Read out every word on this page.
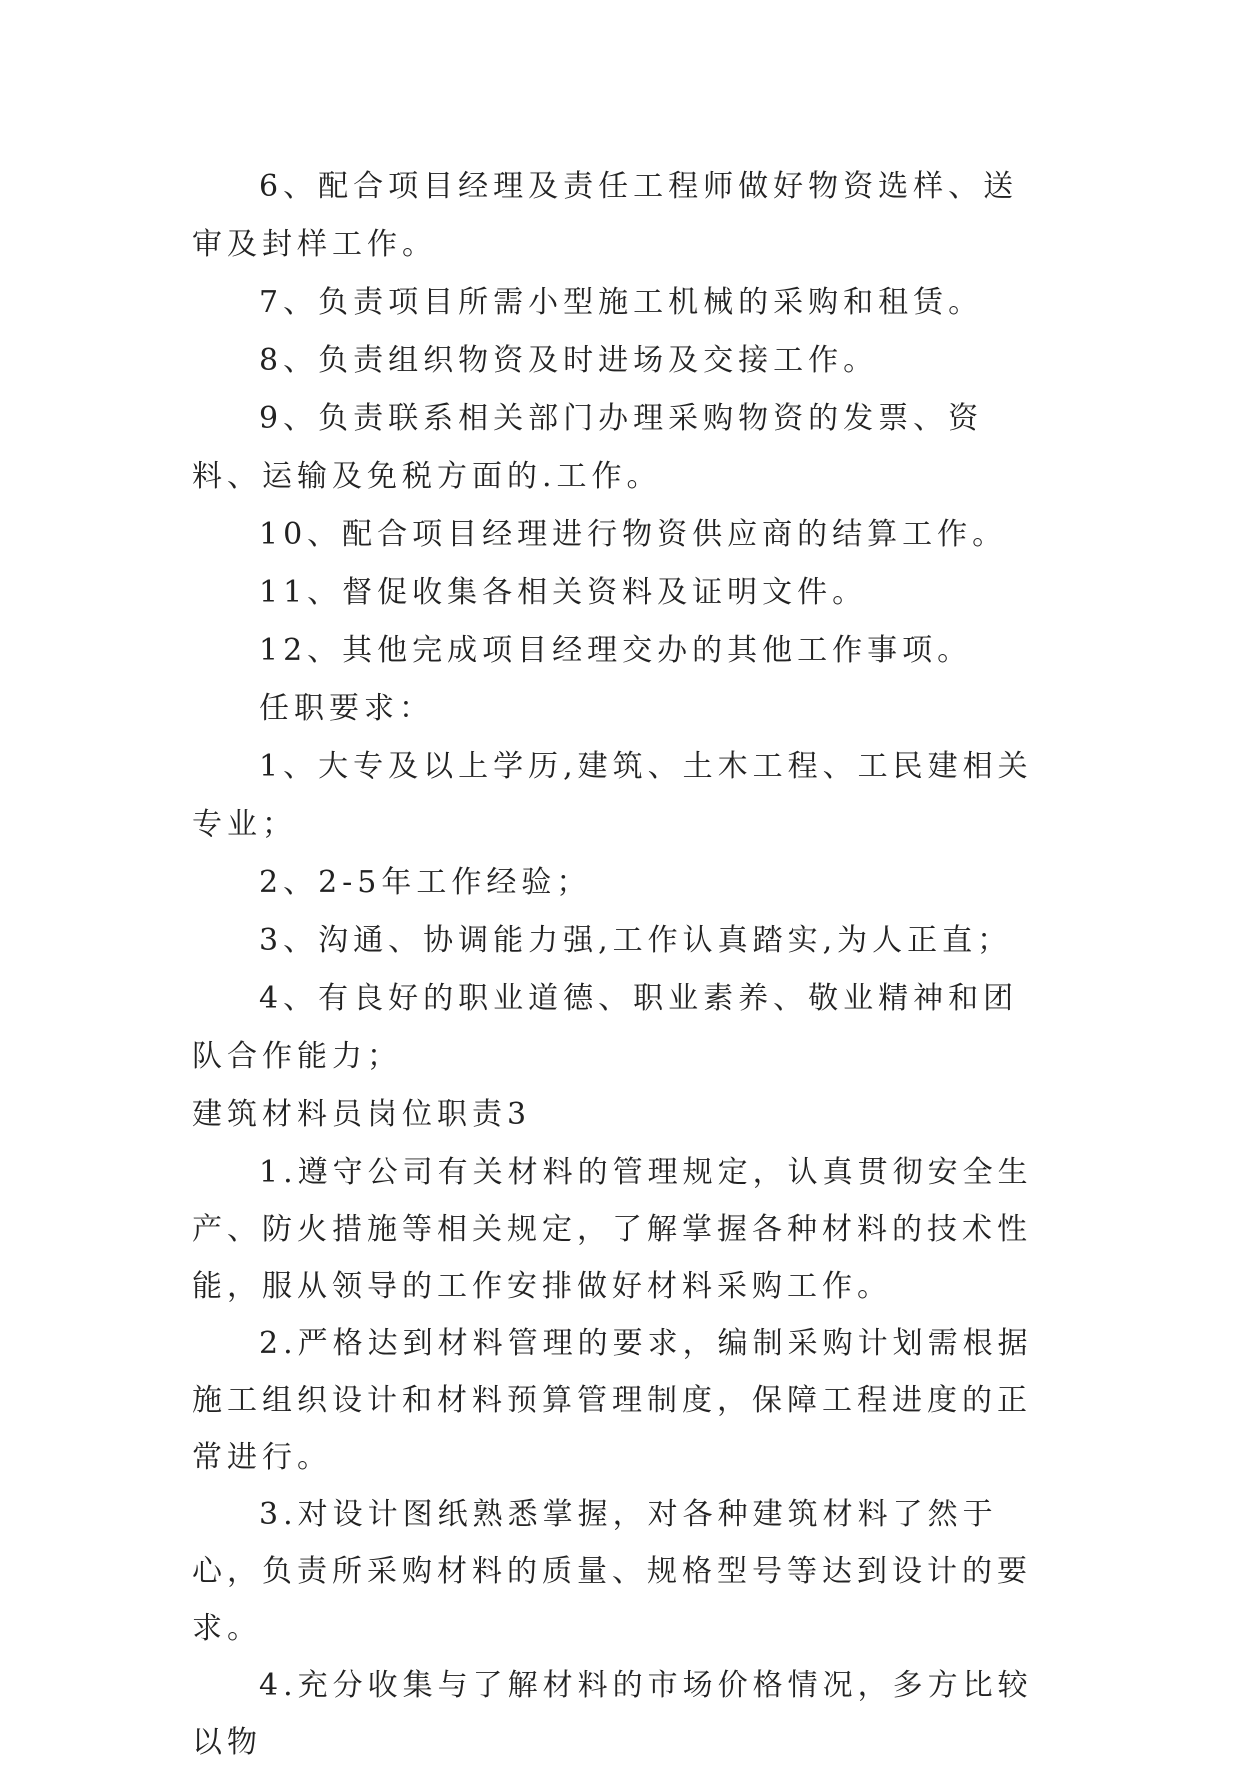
6、配合项目经理及责任工程师做好物资选样、送审及封样工作。

7、负责项目所需小型施工机械的采购和租赁。

8、负责组织物资及时进场及交接工作。

9、负责联系相关部门办理采购物资的发票、资料、运输及免税方面的.工作。

10、配合项目经理进行物资供应商的结算工作。

11、督促收集各相关资料及证明文件。

12、其他完成项目经理交办的其他工作事项。

任职要求：

1、大专及以上学历,建筑、土木工程、工民建相关专业；

2、2-5年工作经验；

3、沟通、协调能力强,工作认真踏实,为人正直；

4、有良好的职业道德、职业素养、敬业精神和团队合作能力；

建筑材料员岗位职责3

1.遵守公司有关材料的管理规定，认真贯彻安全生产、防火措施等相关规定，了解掌握各种材料的技术性能，服从领导的工作安排做好材料采购工作。

2.严格达到材料管理的要求，编制采购计划需根据施工组织设计和材料预算管理制度，保障工程进度的正常进行。

3.对设计图纸熟悉掌握，对各种建筑材料了然于心，负责所采购材料的质量、规格型号等达到设计的要求。

4.充分收集与了解材料的市场价格情况，多方比较以物
